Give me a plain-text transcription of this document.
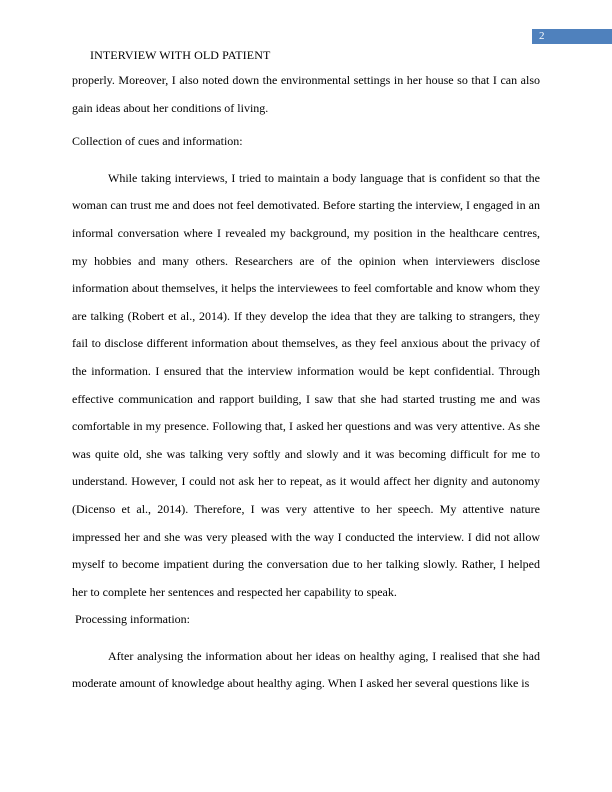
2
INTERVIEW WITH OLD PATIENT

properly. Moreover, I also noted down the environmental settings in her house so that I can also gain ideas about her conditions of living.

Collection of cues and information:

While taking interviews, I tried to maintain a body language that is confident so that the woman can trust me and does not feel demotivated. Before starting the interview, I engaged in an informal conversation where I revealed my background, my position in the healthcare centres, my hobbies and many others. Researchers are of the opinion when interviewers disclose information about themselves, it helps the interviewees to feel comfortable and know whom they are talking (Robert et al., 2014). If they develop the idea that they are talking to strangers, they fail to disclose different information about themselves, as they feel anxious about the privacy of the information. I ensured that the interview information would be kept confidential. Through effective communication and rapport building, I saw that she had started trusting me and was comfortable in my presence. Following that, I asked her questions and was very attentive. As she was quite old, she was talking very softly and slowly and it was becoming difficult for me to understand. However, I could not ask her to repeat, as it would affect her dignity and autonomy (Dicenso et al., 2014). Therefore, I was very attentive to her speech. My attentive nature impressed her and she was very pleased with the way I conducted the interview. I did not allow myself to become impatient during the conversation due to her talking slowly. Rather, I helped her to complete her sentences and respected her capability to speak.

Processing information:

After analysing the information about her ideas on healthy aging, I realised that she had moderate amount of knowledge about healthy aging. When I asked her several questions like is
